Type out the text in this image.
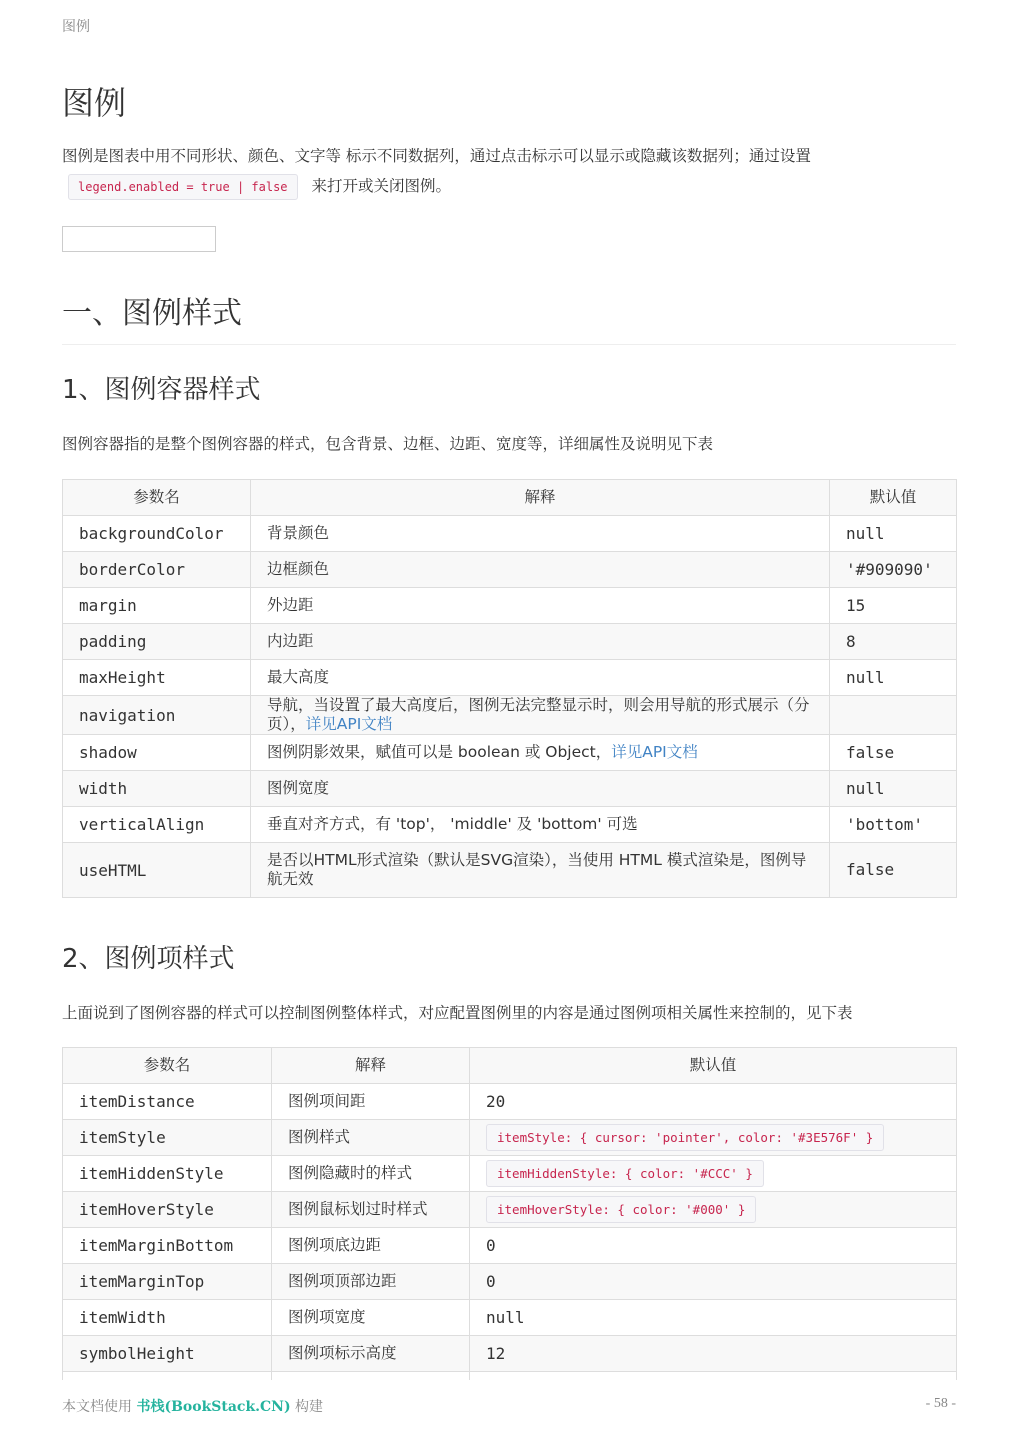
图例
图例
图例是图表中用不同形状、颜色、文字等 标示不同数据列，通过点击标示可以显示或隐藏该数据列；通过设置
legend.enabled = true | false 来打开或关闭图例。
一、图例样式
1、图例容器样式

图例容器指的是整个图例容器的样式，包含背景、边框、边距、宽度等，详细属性及说明见下表

参数名	解释	默认值
backgroundColor	背景颜色	null
borderColor	边框颜色	'#909090'
margin	外边距	15
padding	内边距	8
maxHeight	最大高度	null
navigation	导航，当设置了最大高度后，图例无法完整显示时，则会用导航的形式展示（分页），详见API文档	
shadow	图例阴影效果，赋值可以是 boolean 或 Object，详见API文档	false
width	图例宽度	null
verticalAlign	垂直对齐方式，有 'top'， 'middle' 及 'bottom' 可选	'bottom'
useHTML	是否以HTML形式渲染（默认是SVG渲染），当使用 HTML 模式渲染是，图例导航无效	false
2、图例项样式

上面说到了图例容器的样式可以控制图例整体样式，对应配置图例里的内容是通过图例项相关属性来控制的，见下表

参数名	解释	默认值
itemDistance	图例项间距	20
itemStyle	图例样式	itemStyle: { cursor: 'pointer', color: '#3E576F' }
itemHiddenStyle	图例隐藏时的样式	itemHiddenStyle: { color: '#CCC' }
itemHoverStyle	图例鼠标划过时样式	itemHoverStyle: { color: '#000' }
itemMarginBottom	图例项底边距	0
itemMarginTop	图例项顶部边距	0
itemWidth	图例项宽度	null
symbolHeight	图例项标示高度	12

本文档使用 书栈(BookStack.CN) 构建	- 58 -
